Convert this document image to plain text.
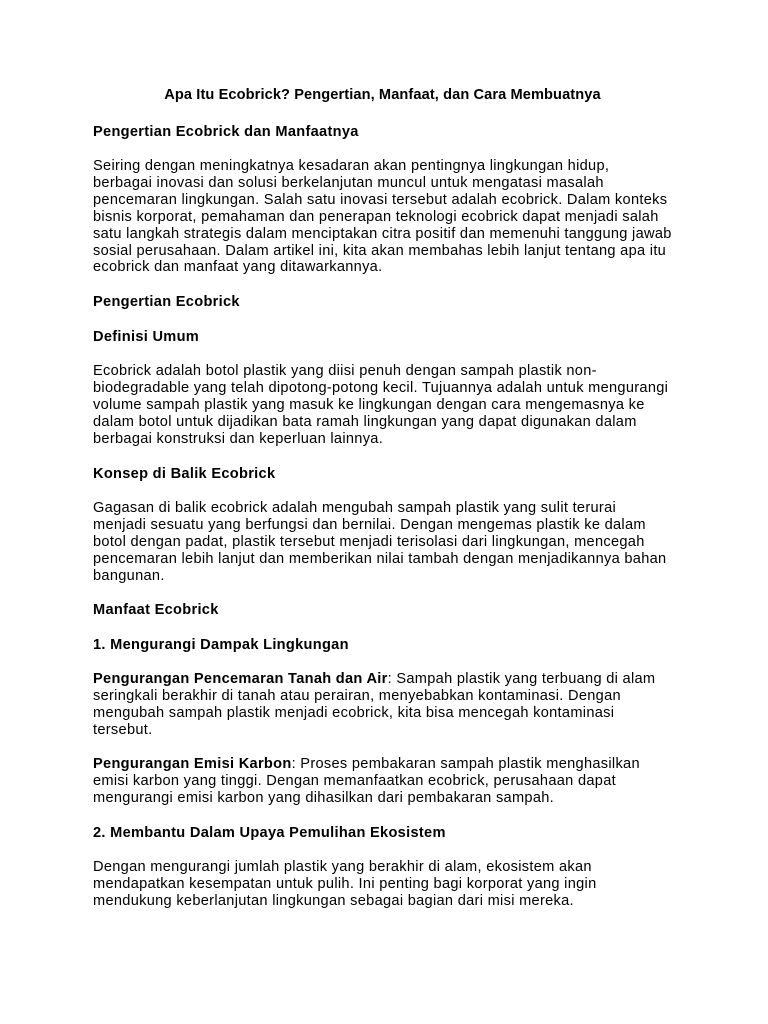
Apa Itu Ecobrick? Pengertian, Manfaat, dan Cara Membuatnya
Pengertian Ecobrick dan Manfaatnya

Seiring dengan meningkatnya kesadaran akan pentingnya lingkungan hidup, berbagai inovasi dan solusi berkelanjutan muncul untuk mengatasi masalah pencemaran lingkungan. Salah satu inovasi tersebut adalah ecobrick. Dalam konteks bisnis korporat, pemahaman dan penerapan teknologi ecobrick dapat menjadi salah satu langkah strategis dalam menciptakan citra positif dan memenuhi tanggung jawab sosial perusahaan. Dalam artikel ini, kita akan membahas lebih lanjut tentang apa itu ecobrick dan manfaat yang ditawarkannya.

Pengertian Ecobrick
Definisi Umum

Ecobrick adalah botol plastik yang diisi penuh dengan sampah plastik non-biodegradable yang telah dipotong-potong kecil. Tujuannya adalah untuk mengurangi volume sampah plastik yang masuk ke lingkungan dengan cara mengemasnya ke dalam botol untuk dijadikan bata ramah lingkungan yang dapat digunakan dalam berbagai konstruksi dan keperluan lainnya.

Konsep di Balik Ecobrick

Gagasan di balik ecobrick adalah mengubah sampah plastik yang sulit terurai menjadi sesuatu yang berfungsi dan bernilai. Dengan mengemas plastik ke dalam botol dengan padat, plastik tersebut menjadi terisolasi dari lingkungan, mencegah pencemaran lebih lanjut dan memberikan nilai tambah dengan menjadikannya bahan bangunan.

Manfaat Ecobrick
1. Mengurangi Dampak Lingkungan

Pengurangan Pencemaran Tanah dan Air: Sampah plastik yang terbuang di alam seringkali berakhir di tanah atau perairan, menyebabkan kontaminasi. Dengan mengubah sampah plastik menjadi ecobrick, kita bisa mencegah kontaminasi tersebut.

Pengurangan Emisi Karbon: Proses pembakaran sampah plastik menghasilkan emisi karbon yang tinggi. Dengan memanfaatkan ecobrick, perusahaan dapat mengurangi emisi karbon yang dihasilkan dari pembakaran sampah.

2. Membantu Dalam Upaya Pemulihan Ekosistem

Dengan mengurangi jumlah plastik yang berakhir di alam, ekosistem akan mendapatkan kesempatan untuk pulih. Ini penting bagi korporat yang ingin mendukung keberlanjutan lingkungan sebagai bagian dari misi mereka.
